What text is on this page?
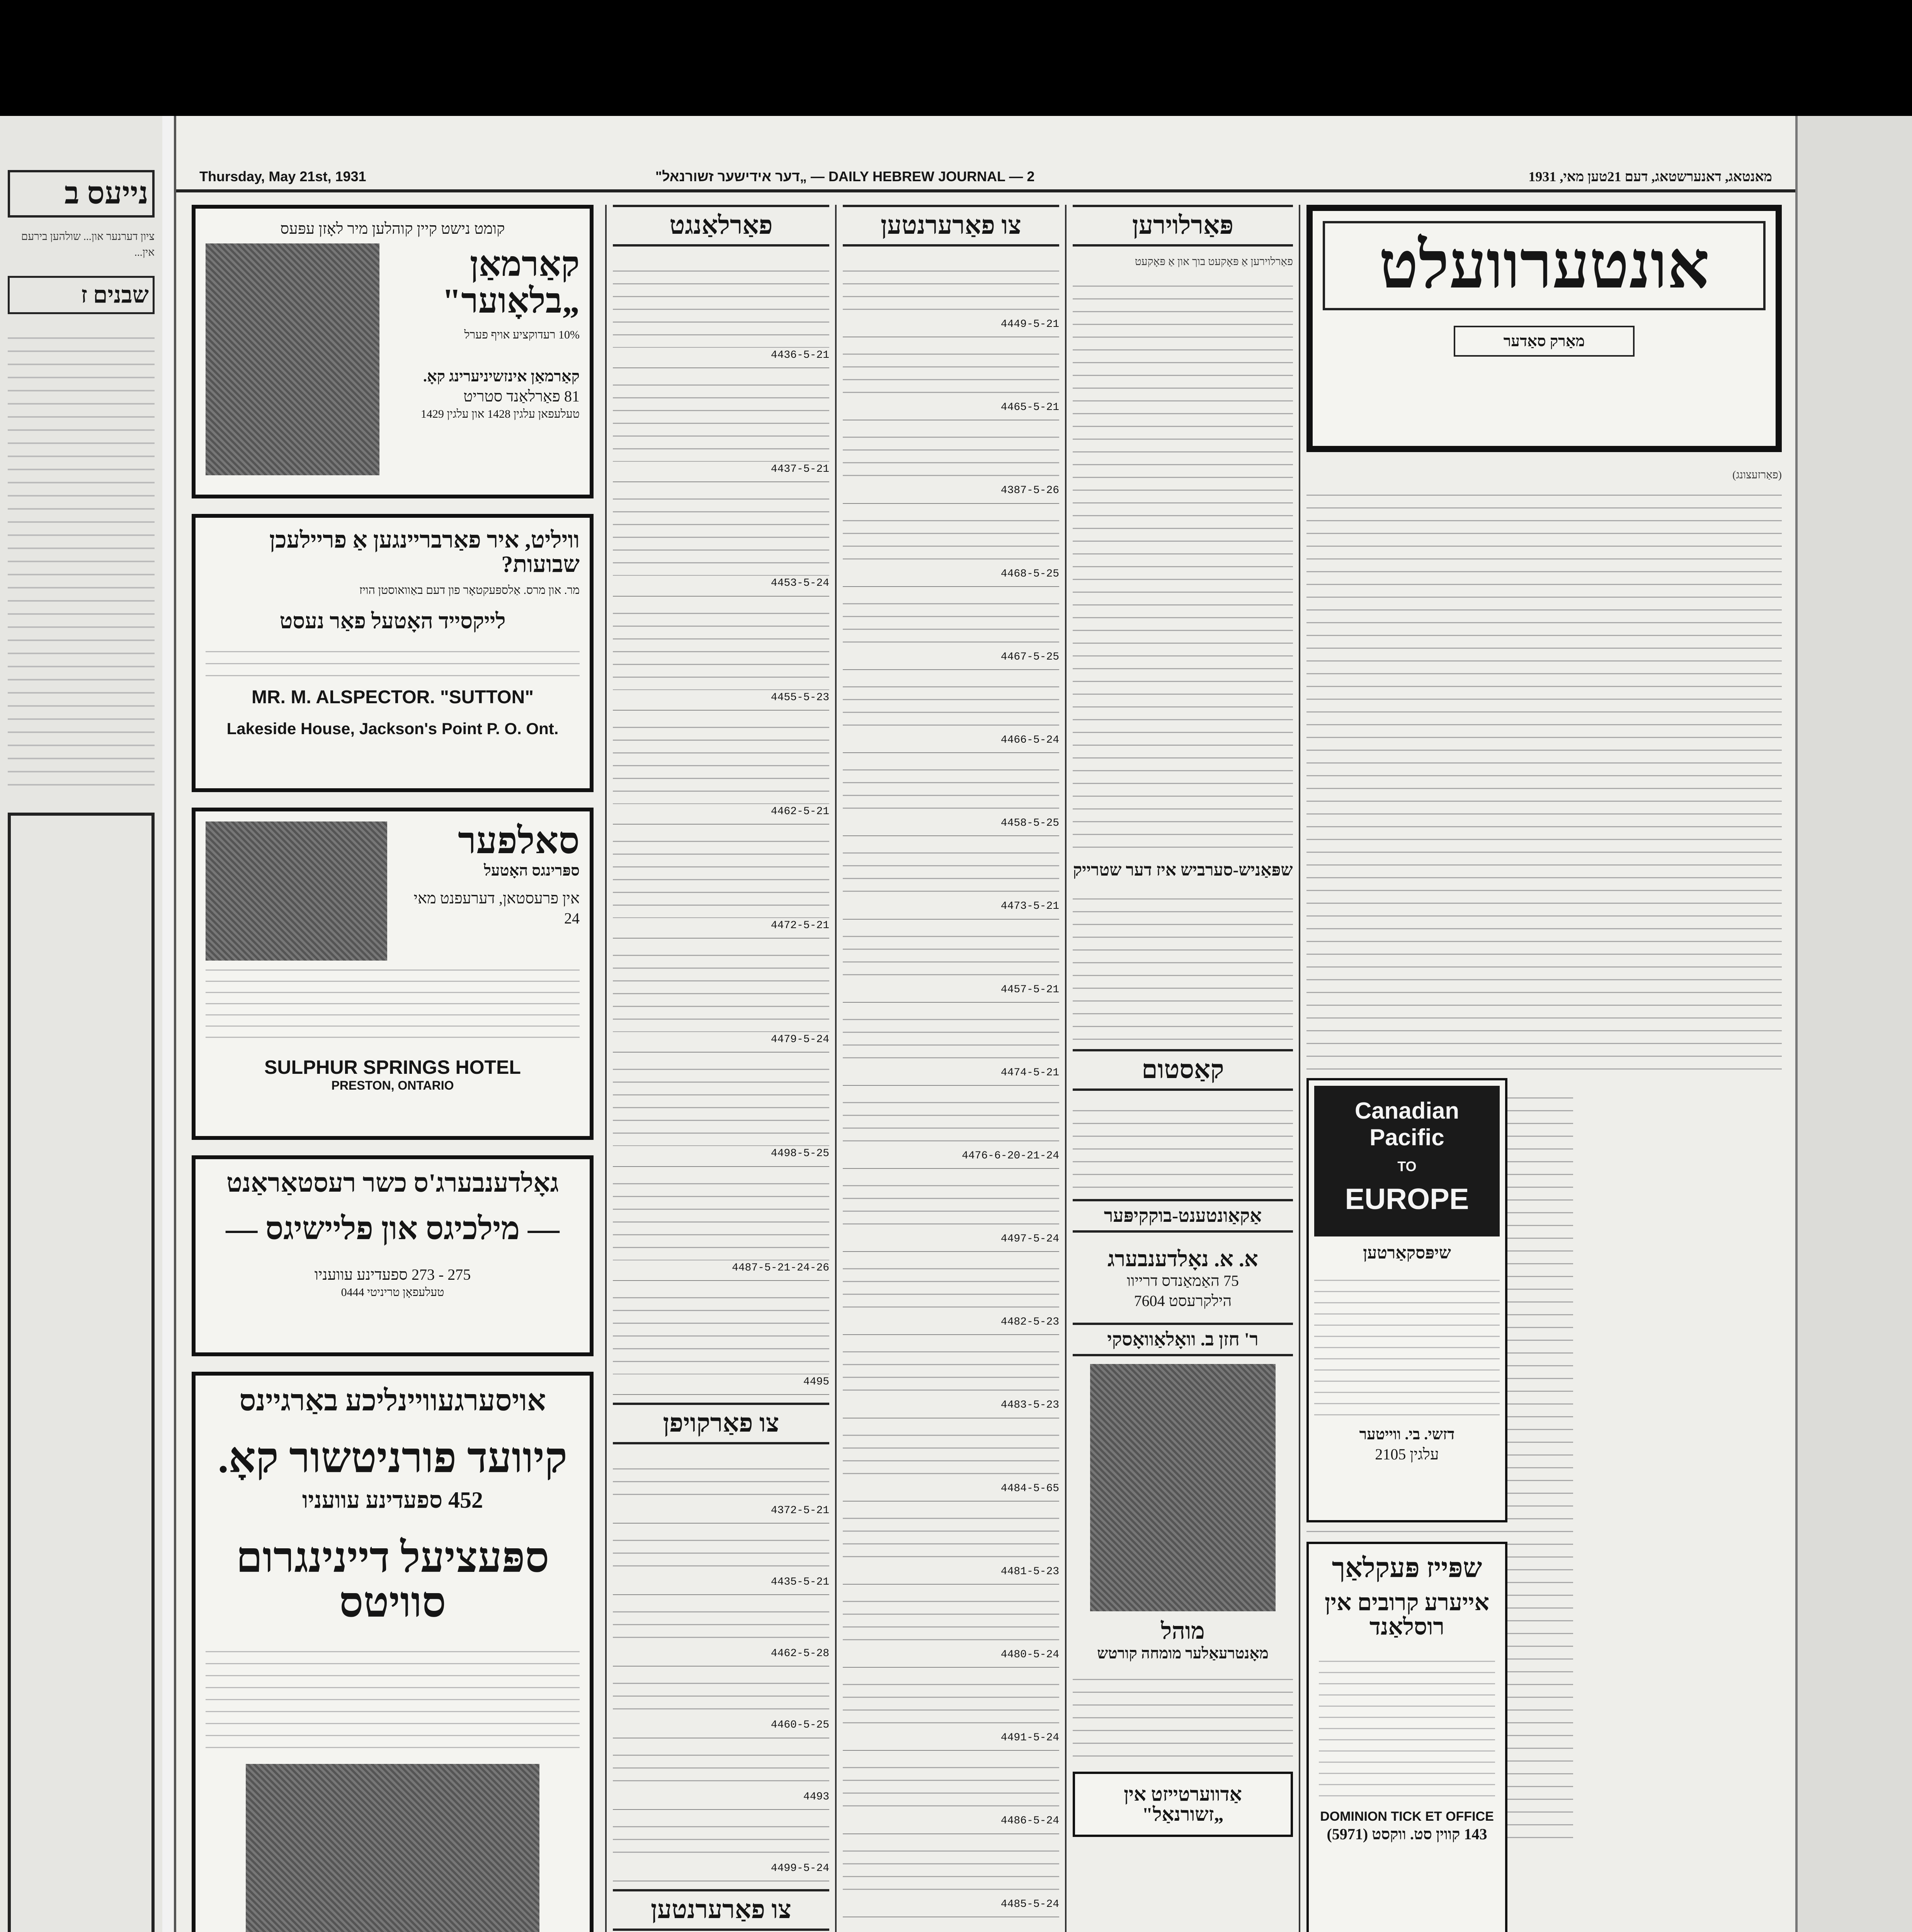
נייעס ב
ציון דערנער און... שולהען בירעם אין...
שבנים ז
Thursday, May 21st, 1931	DAILY HEBREW JOURNAL — 2 — „דער אידישער זשורנאל"	מאנטאג, דאנערשטאג, דעם 21טען מאי, 1931
קומט נישט קיין קוהלען מיר לאָזן עפּעס
קאַרמאַן „בלאָוער"
10% רעדוקציע אויף פערל
קאַרמאַן אינזשיניערינג קאָ.
81 פאַרלאַנד סטריט
טעלעפאן עלגין 1428 און עלגין 1429
וויליט, איר פאַרבריינגען אַ פריילעכן שבועות?
מר. און מרס. אַלספּעקטאָר פון דעם באַוואוסטן הויז
לייקסייד האָטעל פאַר נעסט
MR. M. ALSPECTOR. "SUTTON"
Lakeside House, Jackson's Point P. O. Ont.
סאלפער
ספּרינגס האָטעל
אין פרעסטאן, דערעפנט מאי 24
SULPHUR SPRINGS HOTEL
PRESTON, ONTARIO
גאָלדענבערג'ס כשר רעסטאַראַנט
— מילכיגס און פליישיגס —
275 - 273 ספעדינע עוועניו
טעלעפאָן טריניטי 0444
אויסערגעוויינליכע באַרגיינס
קיוועד פורניטשור קאָ.
452 ספעדינע עוועניו
ספּעציעל דיינינגרום סוויטס
פאַרלאַנגט
4436-5-21
4437-5-21
4453-5-24
4455-5-23
4462-5-21
4472-5-21
4479-5-24
4498-5-25
4487-5-21-24-26
4495
צו פאַרקויפן
4372-5-21
4435-5-21
4462-5-28
4460-5-25
4493
4499-5-24
צו פאַרערנטען
צו פאַרערנטען
4449-5-21
4465-5-21
4387-5-26
4468-5-25
4467-5-25
4466-5-24
4458-5-25
4473-5-21
4457-5-21
4474-5-21
4476-6-20-21-24
4497-5-24
4482-5-23
4483-5-23
4484-5-65
4481-5-23
4480-5-24
4491-5-24
4486-5-24
4485-5-24
פּאַרלוירען
פאַרלוירען אַ פּאָקעט בוך און אַ פּאָקעט
שפּאַניש-סערביש איז דער שטרייק
קאַסטום
אַקאַונטענט-בוקקיפּער
א. א. נאָלדענבערג
75 האַמאַנדס דרייוו
הילקרעסט 7604
ר' חזן ב. וואָלאַוואָסקי
מוהל
מאָנטרעאַלער מומחה קורטש
אַדווערטייזט אין „זשורנאַל"
אונטערוועלט
מאַרק סאַדער
(פאַרזעצונג)
Canadian Pacific
TO
EUROPE
שיפּסקאַרטען
דזשי. בי. ווייטער
עלגין 2105
שפּייז פּעקלאַך
אייערע קרובים אין רוסלאַנד
DOMINION TICK ET OFFICE
143 קווין סט. ווקסט (5971)
